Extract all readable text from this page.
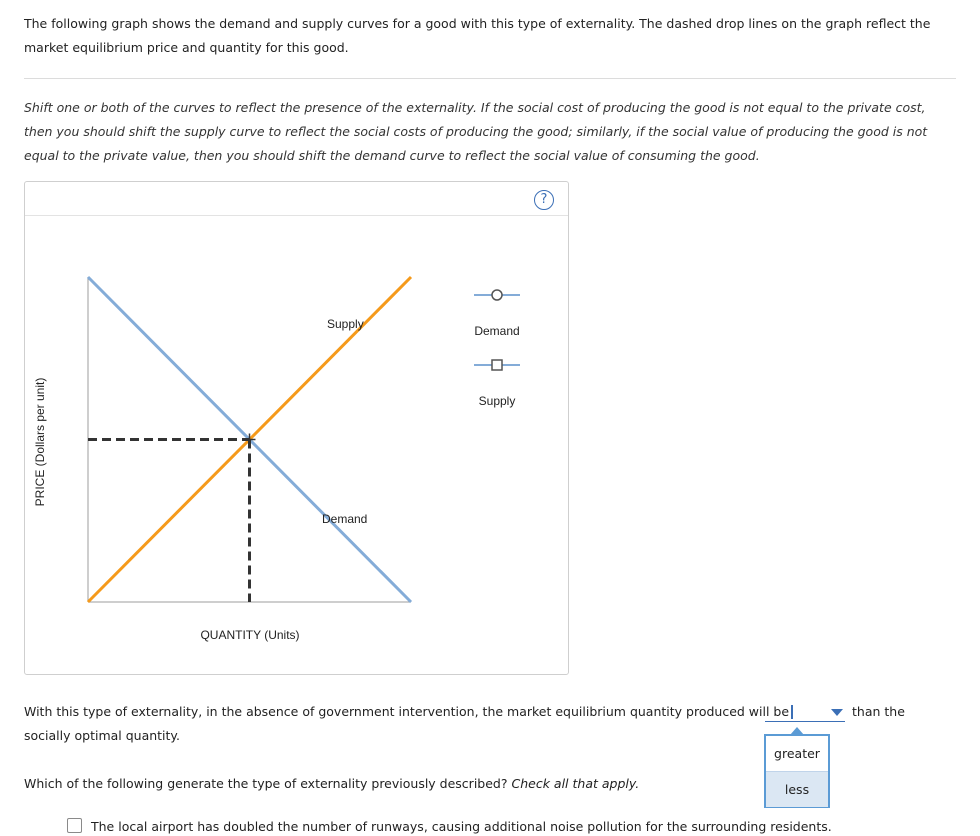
The following graph shows the demand and supply curves for a good with this type of externality. The dashed drop lines on the graph reflect the market equilibrium price and quantity for this good.

Shift one or both of the curves to reflect the presence of the externality. If the social cost of producing the good is not equal to the private cost, then you should shift the supply curve to reflect the social costs of producing the good; similarly, if the social value of producing the good is not equal to the private value, then you should shift the demand curve to reflect the social value of consuming the good.

?
PRICE (Dollars per unit)
QUANTITY (Units)
Supply
Demand
Demand
Supply
With this type of externality, in the absence of government intervention, the market equilibrium quantity produced will be
socially optimal quantity.
than the
greater
less
Which of the following generate the type of externality previously described? Check all that apply.
The local airport has doubled the number of runways, causing additional noise pollution for the surrounding residents.
